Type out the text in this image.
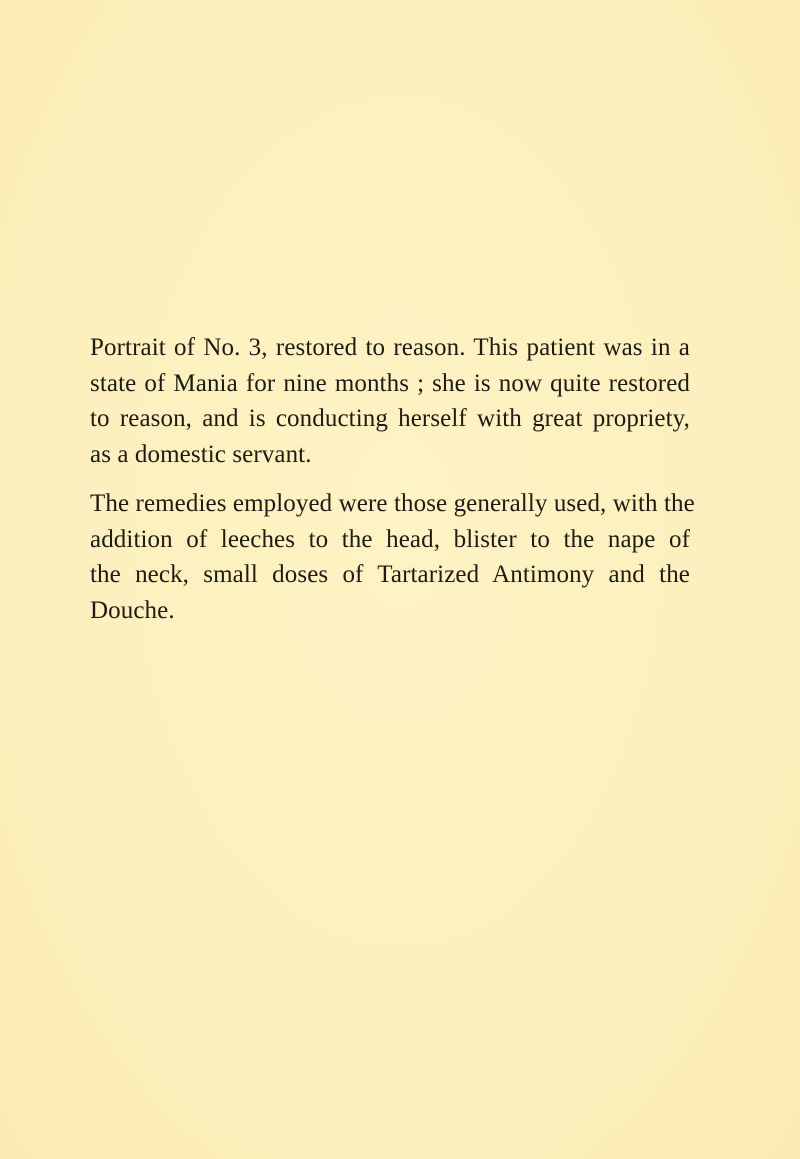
Portrait of No. 3, restored to reason. This patient was in a
state of Mania for nine months ; she is now quite restored
to reason, and is conducting herself with great propriety,
as a domestic servant.

The remedies employed were those generally used, with the
addition of leeches to the head, blister to the nape of
the neck, small doses of Tartarized Antimony and the
Douche.
